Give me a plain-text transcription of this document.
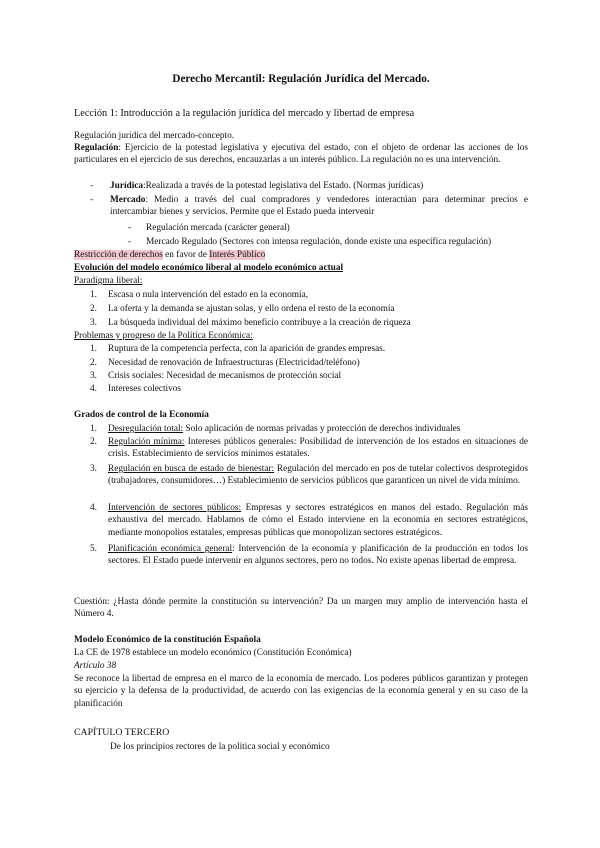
Derecho Mercantil: Regulación Jurídica del Mercado.
Lección 1: Introducción a la regulación jurídica del mercado y libertad de empresa
Regulación jurídica del mercado-concepto.
Regulación: Ejercicio de la potestad legislativa y ejecutiva del estado, con el objeto de ordenar las acciones de los particulares en el ejercicio de sus derechos, encauzarlas a un interés público. La regulación no es una intervención.
- Jurídica:Realizada a través de la potestad legislativa del Estado. (Normas jurídicas)
- Mercado: Medio a través del cual compradores y vendedores interactúan para determinar precios e intercambiar bienes y servicios. Permite que el Estado pueda intervenir
- Regulación mercada (carácter general)
- Mercado Regulado (Sectores con intensa regulación, donde existe una específica regulación)
Restricción de derechos en favor de Interés Público
Evolución del modelo económico liberal al modelo económico actual
Paradigma liberal:
1. Escasa o nula intervención del estado en la economía,
2. La oferta y la demanda se ajustan solas, y ello ordena el resto de la economía
3. La búsqueda individual del máximo beneficio contribuye a la creación de riqueza
Problemas y progreso de la Política Económica:
1. Ruptura de la competencia perfecta, con la aparición de grandes empresas.
2. Necesidad de renovación de Infraestructuras (Electricidad/teléfono)
3. Crisis sociales: Necesidad de mecanismos de protección social
4. Intereses colectivos
Grados de control de la Economía
1. Desregulación total: Solo aplicación de normas privadas y protección de derechos individuales
2. Regulación mínima: Intereses públicos generales: Posibilidad de intervención de los estados en situaciones de crisis. Establecimiento de servicios mínimos estatales.
3. Regulación en busca de estado de bienestar: Regulación del mercado en pos de tutelar colectivos desprotegidos (trabajadores, consumidores…) Establecimiento de servicios públicos que garanticen un nivel de vida mínimo.
4. Intervención de sectores públicos: Empresas y sectores estratégicos en manos del estado. Regulación más exhaustiva del mercado. Hablamos de cómo el Estado interviene en la economía en sectores estratégicos, mediante monopolios estatales, empresas públicas que monopolizan sectores estratégicos.
5. Planificación económica general: Intervención de la economía y planificación de la producción en todos los sectores. El Estado puede intervenir en algunos sectores, pero no todos. No existe apenas libertad de empresa.
Cuestión: ¿Hasta dónde permite la constitución su intervención? Da un margen muy amplio de intervención hasta el Número 4.
Modelo Económico de la constitución Española
La CE de 1978 establece un modelo económico (Constitución Económica)
Artículo 38
Se reconoce la libertad de empresa en el marco de la economía de mercado. Los poderes públicos garantizan y protegen su ejercicio y la defensa de la productividad, de acuerdo con las exigencias de la economía general y en su caso de la planificación
CAPÍTULO TERCERO
De los principios rectores de la política social y económico
